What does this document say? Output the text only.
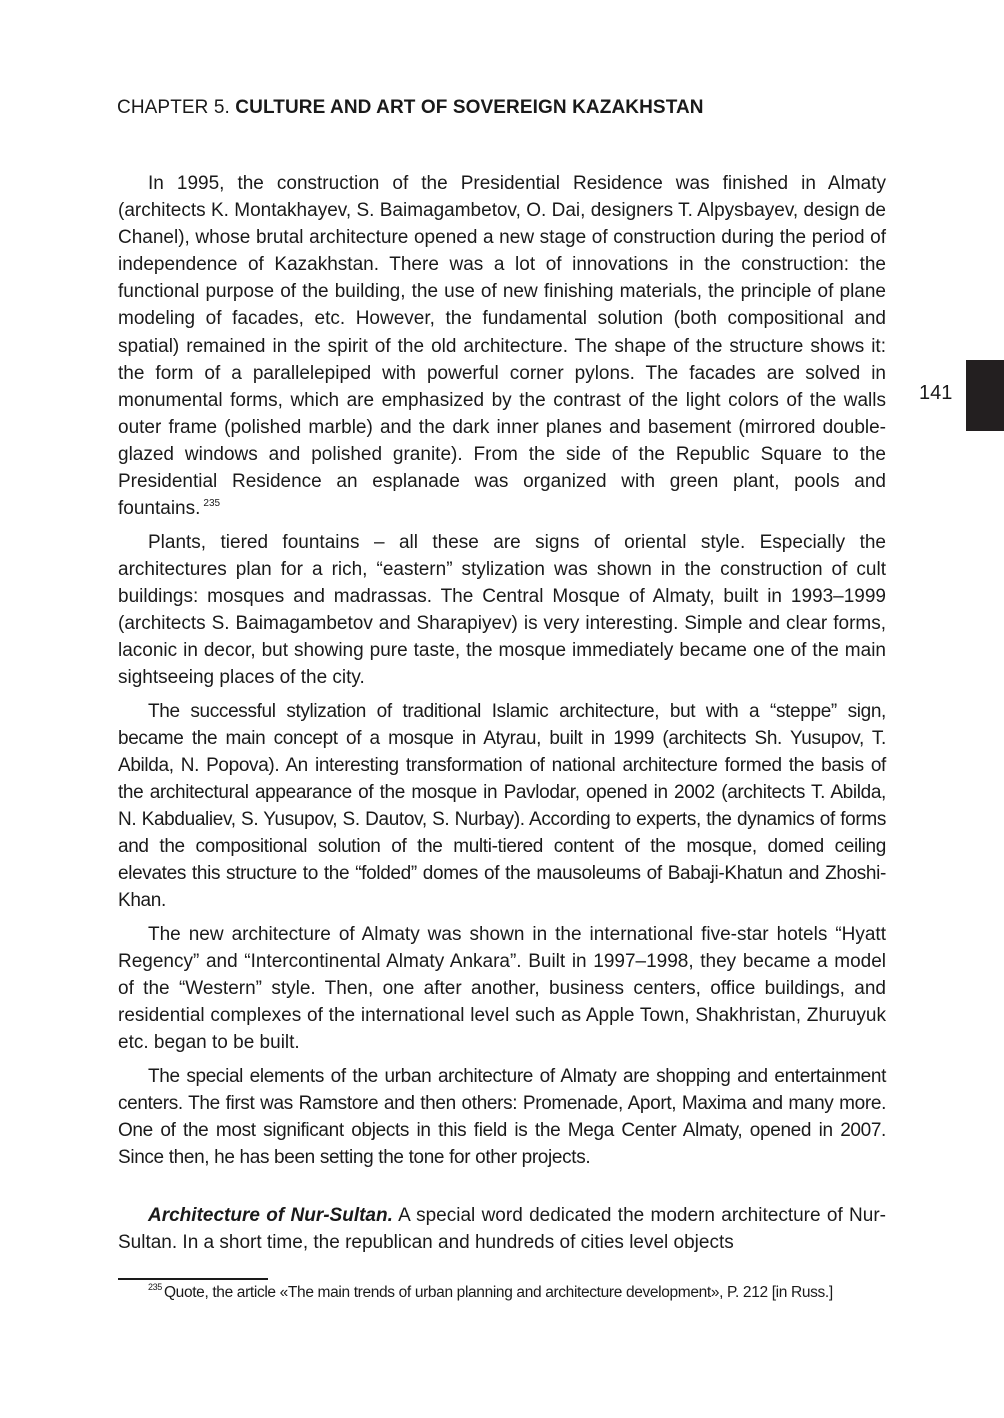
CHAPTER 5. CULTURE AND ART OF SOVEREIGN KAZAKHSTAN
141

In 1995, the construction of the Presidential Residence was finished in Almaty (architects K. Montakhayev, S. Baimagambetov, O. Dai, designers T. Alpysbayev, design de Chanel), whose brutal architecture opened a new stage of construction during the period of independence of Kazakhstan. There was a lot of innovations in the construction: the functional purpose of the building, the use of new finishing materials, the principle of plane modeling of facades, etc. However, the fundamental solution (both compositional and spatial) remained in the spirit of the old architecture. The shape of the structure shows it: the form of a parallelepiped with powerful corner pylons. The facades are solved in monumental forms, which are emphasized by the contrast of the light colors of the walls outer frame (polished marble) and the dark inner planes and basement (mirrored double-glazed windows and polished granite). From the side of the Republic Square to the Presidential Residence an esplanade was organized with green plant, pools and fountains. $^{235}$

Plants, tiered fountains – all these are signs of oriental style. Especially the architectures plan for a rich, “eastern” stylization was shown in the construction of cult buildings: mosques and madrassas. The Central Mosque of Almaty, built in 1993–1999 (architects S. Baimagambetov and Sharapiyev) is very interesting. Simple and clear forms, laconic in decor, but showing pure taste, the mosque immediately became one of the main sightseeing places of the city.

The successful stylization of traditional Islamic architecture, but with a “steppe” sign, became the main concept of a mosque in Atyrau, built in 1999 (architects Sh. Yusupov, T. Abilda, N. Popova). An interesting transformation of national architecture formed the basis of the architectural appearance of the mosque in Pavlodar, opened in 2002 (architects T. Abilda, N. Kabdualiev, S. Yusupov, S. Dautov, S. Nurbay). According to experts, the dynamics of forms and the compositional solution of the multi-tiered content of the mosque, domed ceiling elevates this structure to the “folded” domes of the mausoleums of Babaji-Khatun and Zhoshi-Khan.

The new architecture of Almaty was shown in the international five-star hotels “Hyatt Regency” and “Intercontinental Almaty Ankara”. Built in 1997–1998, they became a model of the “Western” style. Then, one after another, business centers, office buildings, and residential complexes of the international level such as Apple Town, Shakhristan, Zhuruyuk etc. began to be built.

The special elements of the urban architecture of Almaty are shopping and entertainment centers. The first was Ramstore and then others: Promenade, Aport, Maxima and many more. One of the most significant objects in this field is the Mega Center Almaty, opened in 2007. Since then, he has been setting the tone for other projects.

Architecture of Nur-Sultan. A special word dedicated the modern architecture of Nur-Sultan. In a short time, the republican and hundreds of cities level objects

$^{235}$ Quote, the article «The main trends of urban planning and architecture development», P. 212 [in Russ.]
